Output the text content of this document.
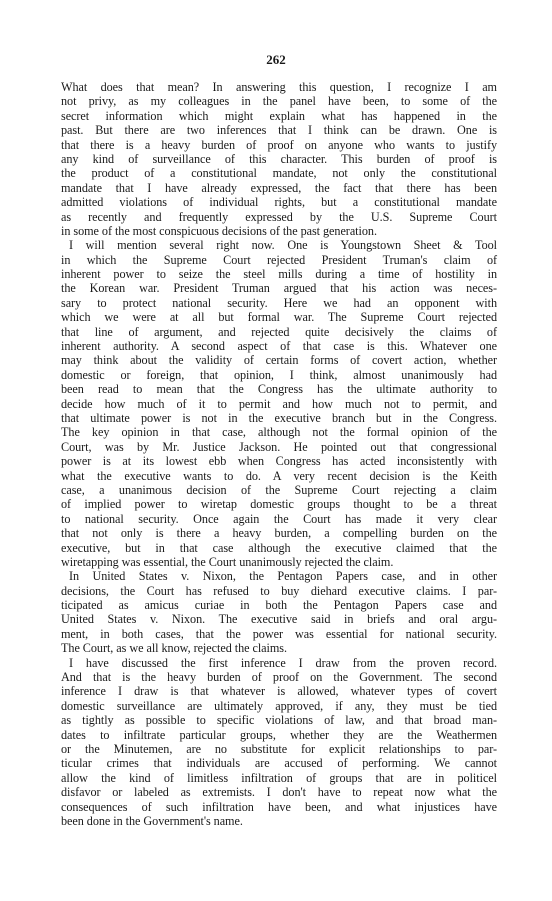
262
What does that mean? In answering this question, I recognize I am
not privy, as my colleagues in the panel have been, to some of the
secret information which might explain what has happened in the
past. But there are two inferences that I think can be drawn. One is
that there is a heavy burden of proof on anyone who wants to justify
any kind of surveillance of this character. This burden of proof is
the product of a constitutional mandate, not only the constitutional
mandate that I have already expressed, the fact that there has been
admitted violations of individual rights, but a constitutional mandate
as recently and frequently expressed by the U.S. Supreme Court
in some of the most conspicuous decisions of the past generation.
I will mention several right now. One is Youngstown Sheet & Tool
in which the Supreme Court rejected President Truman's claim of
inherent power to seize the steel mills during a time of hostility in
the Korean war. President Truman argued that his action was neces-
sary to protect national security. Here we had an opponent with
which we were at all but formal war. The Supreme Court rejected
that line of argument, and rejected quite decisively the claims of
inherent authority. A second aspect of that case is this. Whatever one
may think about the validity of certain forms of covert action, whether
domestic or foreign, that opinion, I think, almost unanimously had
been read to mean that the Congress has the ultimate authority to
decide how much of it to permit and how much not to permit, and
that ultimate power is not in the executive branch but in the Congress.
The key opinion in that case, although not the formal opinion of the
Court, was by Mr. Justice Jackson. He pointed out that congressional
power is at its lowest ebb when Congress has acted inconsistently with
what the executive wants to do. A very recent decision is the Keith
case, a unanimous decision of the Supreme Court rejecting a claim
of implied power to wiretap domestic groups thought to be a threat
to national security. Once again the Court has made it very clear
that not only is there a heavy burden, a compelling burden on the
executive, but in that case although the executive claimed that the
wiretapping was essential, the Court unanimously rejected the claim.
In United States v. Nixon, the Pentagon Papers case, and in other
decisions, the Court has refused to buy diehard executive claims. I par-
ticipated as amicus curiae in both the Pentagon Papers case and
United States v. Nixon. The executive said in briefs and oral argu-
ment, in both cases, that the power was essential for national security.
The Court, as we all know, rejected the claims.
I have discussed the first inference I draw from the proven record.
And that is the heavy burden of proof on the Government. The second
inference I draw is that whatever is allowed, whatever types of covert
domestic surveillance are ultimately approved, if any, they must be tied
as tightly as possible to specific violations of law, and that broad man-
dates to infiltrate particular groups, whether they are the Weathermen
or the Minutemen, are no substitute for explicit relationships to par-
ticular crimes that individuals are accused of performing. We cannot
allow the kind of limitless infiltration of groups that are in politicel
disfavor or labeled as extremists. I don't have to repeat now what the
consequences of such infiltration have been, and what injustices have
been done in the Government's name.
